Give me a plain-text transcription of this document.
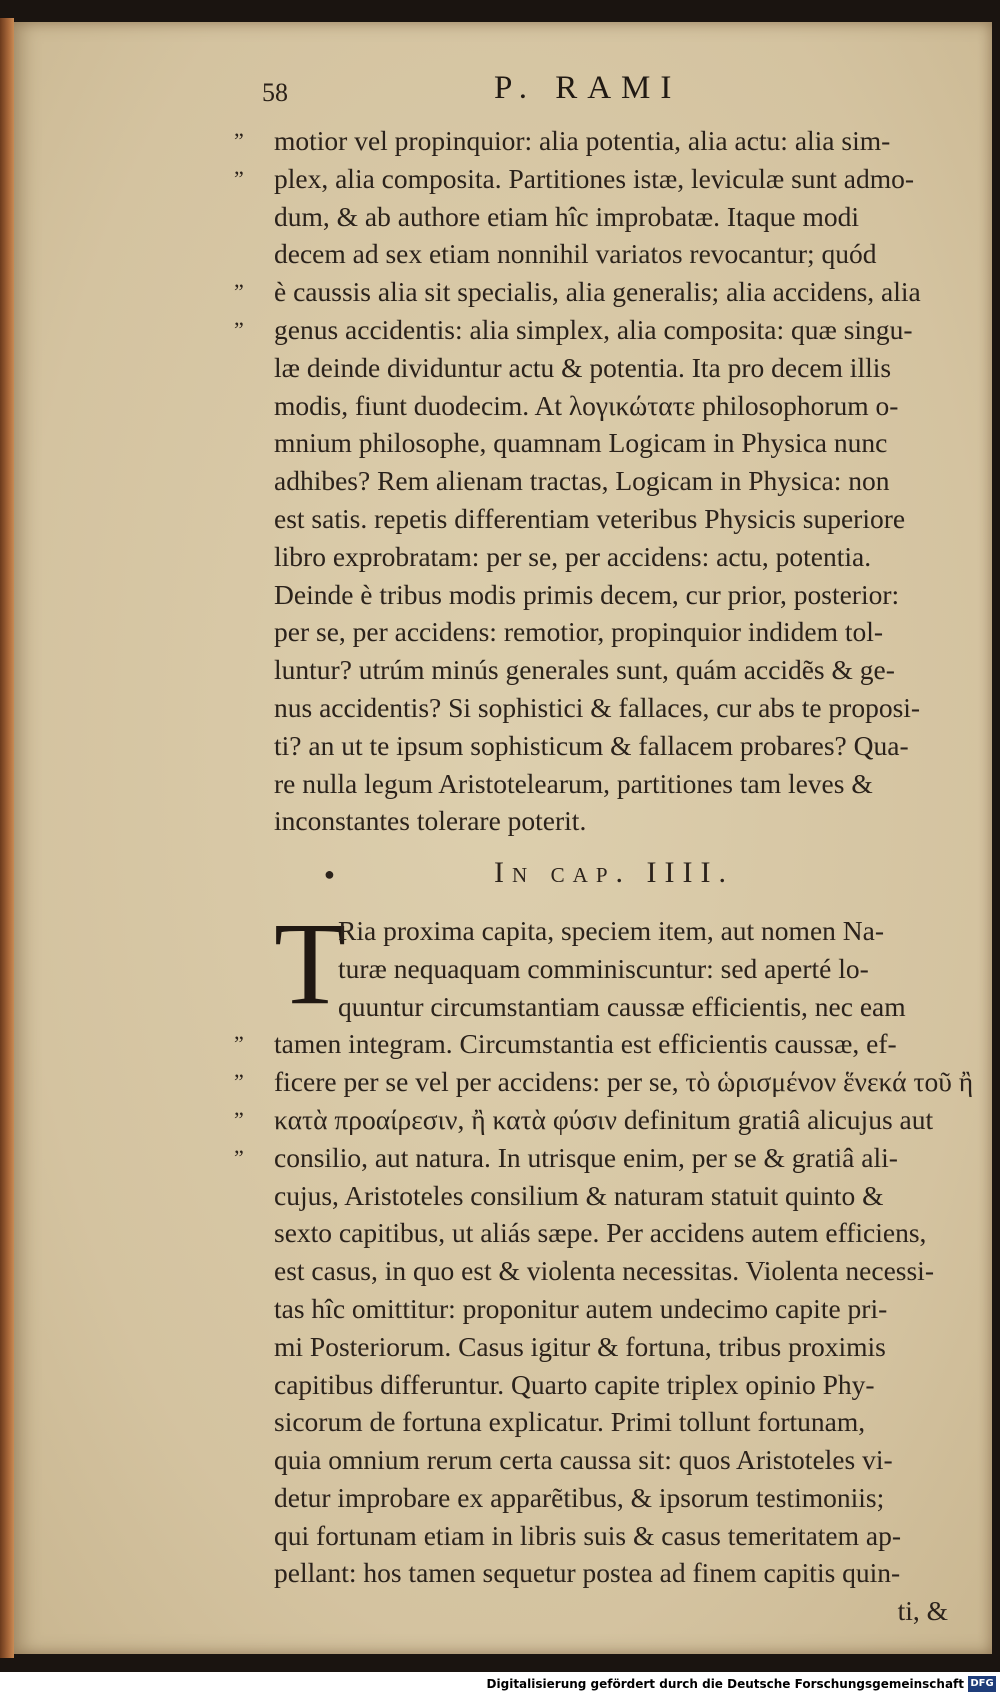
58	P. RAMI
” motior vel propinquior: alia potentia, alia actu: alia sim-
” plex, alia composita. Partitiones istæ, leviculæ sunt admo-
dum, & ab authore etiam hîc improbatæ. Itaque modi
decem ad sex etiam nonnihil variatos revocantur; quód
” è caussis alia sit specialis, alia generalis; alia accidens, alia
” genus accidentis: alia simplex, alia composita: quæ singu-
læ deinde dividuntur actu & potentia. Ita pro decem illis
modis, fiunt duodecim. At λογικώτατε philosophorum o-
mnium philosophe, quamnam Logicam in Physica nunc
adhibes? Rem alienam tractas, Logicam in Physica: non
est satis. repetis differentiam veteribus Physicis superiore
libro exprobratam: per se, per accidens: actu, potentia.
Deinde è tribus modis primis decem, cur prior, posterior:
per se, per accidens: remotior, propinquior indidem tol-
luntur? utrúm minús generales sunt, quám accidẽs & ge-
nus accidentis? Si sophistici & fallaces, cur abs te proposi-
ti? an ut te ipsum sophisticum & fallacem probares? Qua-
re nulla legum Aristotelearum, partitiones tam leves &
inconstantes tolerare poterit.
●	In cap. IIII.
T
Ria proxima capita, speciem item, aut nomen Na-
turæ nequaquam comminiscuntur: sed aperté lo-
quuntur circumstantiam caussæ efficientis, nec eam
” tamen integram. Circumstantia est efficientis caussæ, ef-
” ficere per se vel per accidens: per se, τὸ ὡρισμένον ἕνεκά τοῦ ἢ
” κατὰ προαίρεσιν, ἢ κατὰ φύσιν definitum gratiâ alicujus aut
” consilio, aut natura. In utrisque enim, per se & gratiâ ali-
cujus, Aristoteles consilium & naturam statuit quinto &
sexto capitibus, ut aliás sæpe. Per accidens autem efficiens,
est casus, in quo est & violenta necessitas. Violenta necessi-
tas hîc omittitur: proponitur autem undecimo capite pri-
mi Posteriorum. Casus igitur & fortuna, tribus proximis
capitibus differuntur. Quarto capite triplex opinio Phy-
sicorum de fortuna explicatur. Primi tollunt fortunam,
quia omnium rerum certa caussa sit: quos Aristoteles vi-
detur improbare ex apparẽtibus, & ipsorum testimoniis;
qui fortunam etiam in libris suis & casus temeritatem ap-
pellant: hos tamen sequetur postea ad finem capitis quin-
ti, &
Digitalisierung gefördert durch die Deutsche Forschungsgemeinschaft DFG
